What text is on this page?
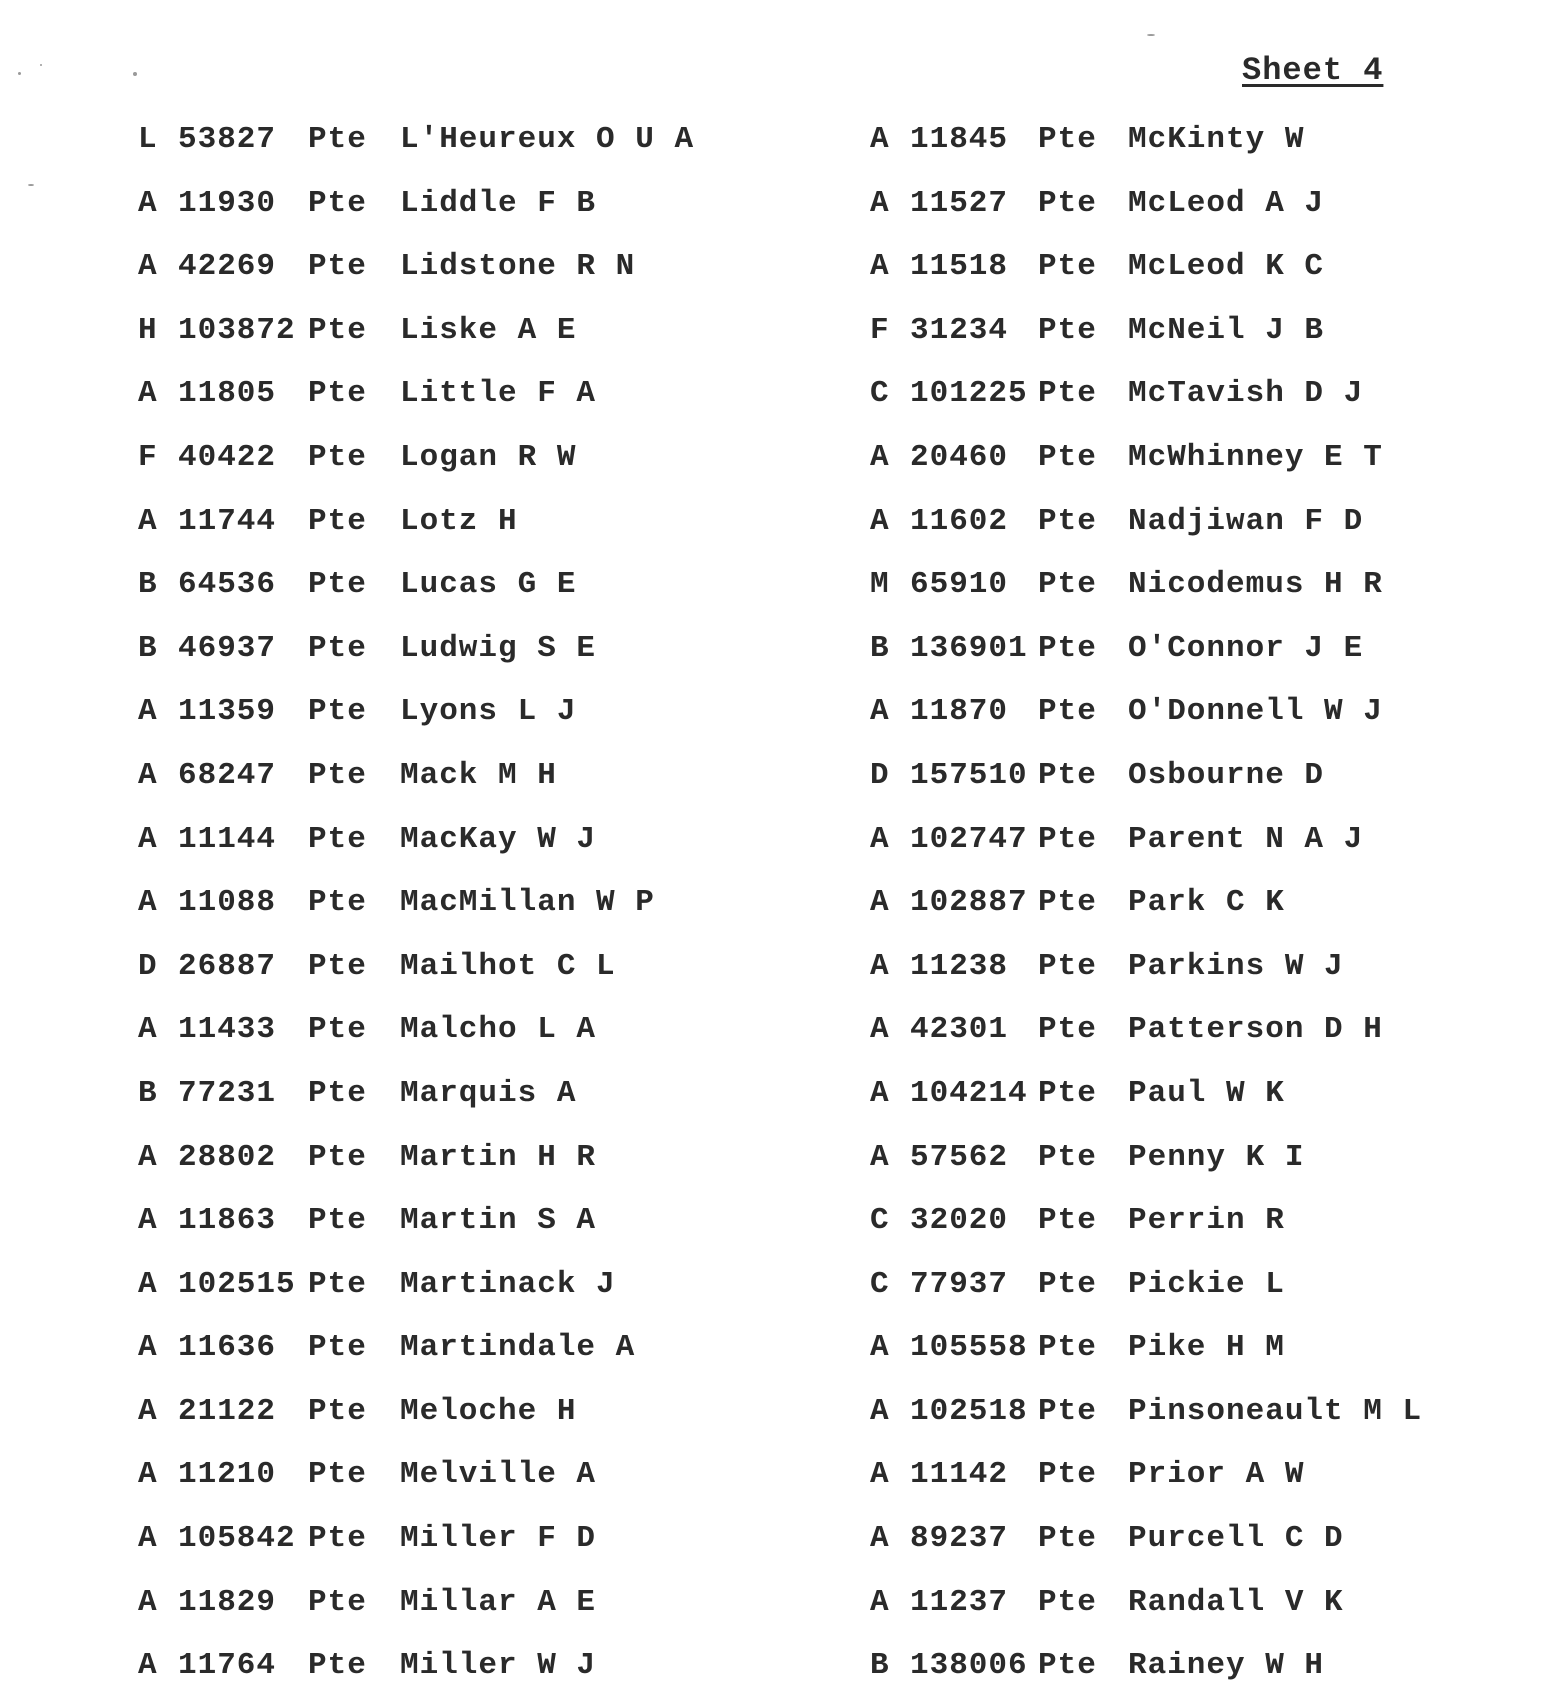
Sheet 4
L 53827 Pte L'Heureux O U A
A 11930 Pte Liddle F B
A 42269 Pte Lidstone R N
H 103872 Pte Liske A E
A 11805 Pte Little F A
F 40422 Pte Logan R W
A 11744 Pte Lotz H
B 64536 Pte Lucas G E
B 46937 Pte Ludwig S E
A 11359 Pte Lyons L J
A 68247 Pte Mack M H
A 11144 Pte MacKay W J
A 11088 Pte MacMillan W P
D 26887 Pte Mailhot C L
A 11433 Pte Malcho L A
B 77231 Pte Marquis A
A 28802 Pte Martin H R
A 11863 Pte Martin S A
A 102515 Pte Martinack J
A 11636 Pte Martindale A
A 21122 Pte Meloche H
A 11210 Pte Melville A
A 105842 Pte Miller F D
A 11829 Pte Millar A E
A 11764 Pte Miller W J
A 11845 Pte McKinty W
A 11527 Pte McLeod A J
A 11518 Pte McLeod K C
F 31234 Pte McNeil J B
C 101225 Pte McTavish D J
A 20460 Pte McWhinney E T
A 11602 Pte Nadjiwan F D
M 65910 Pte Nicodemus H R
B 136901 Pte O'Connor J E
A 11870 Pte O'Donnell W J
D 157510 Pte Osbourne D
A 102747 Pte Parent N A J
A 102887 Pte Park C K
A 11238 Pte Parkins W J
A 42301 Pte Patterson D H
A 104214 Pte Paul W K
A 57562 Pte Penny K I
C 32020 Pte Perrin R
C 77937 Pte Pickie L
A 105558 Pte Pike H M
A 102518 Pte Pinsoneault M L
A 11142 Pte Prior A W
A 89237 Pte Purcell C D
A 11237 Pte Randall V K
B 138006 Pte Rainey W H
